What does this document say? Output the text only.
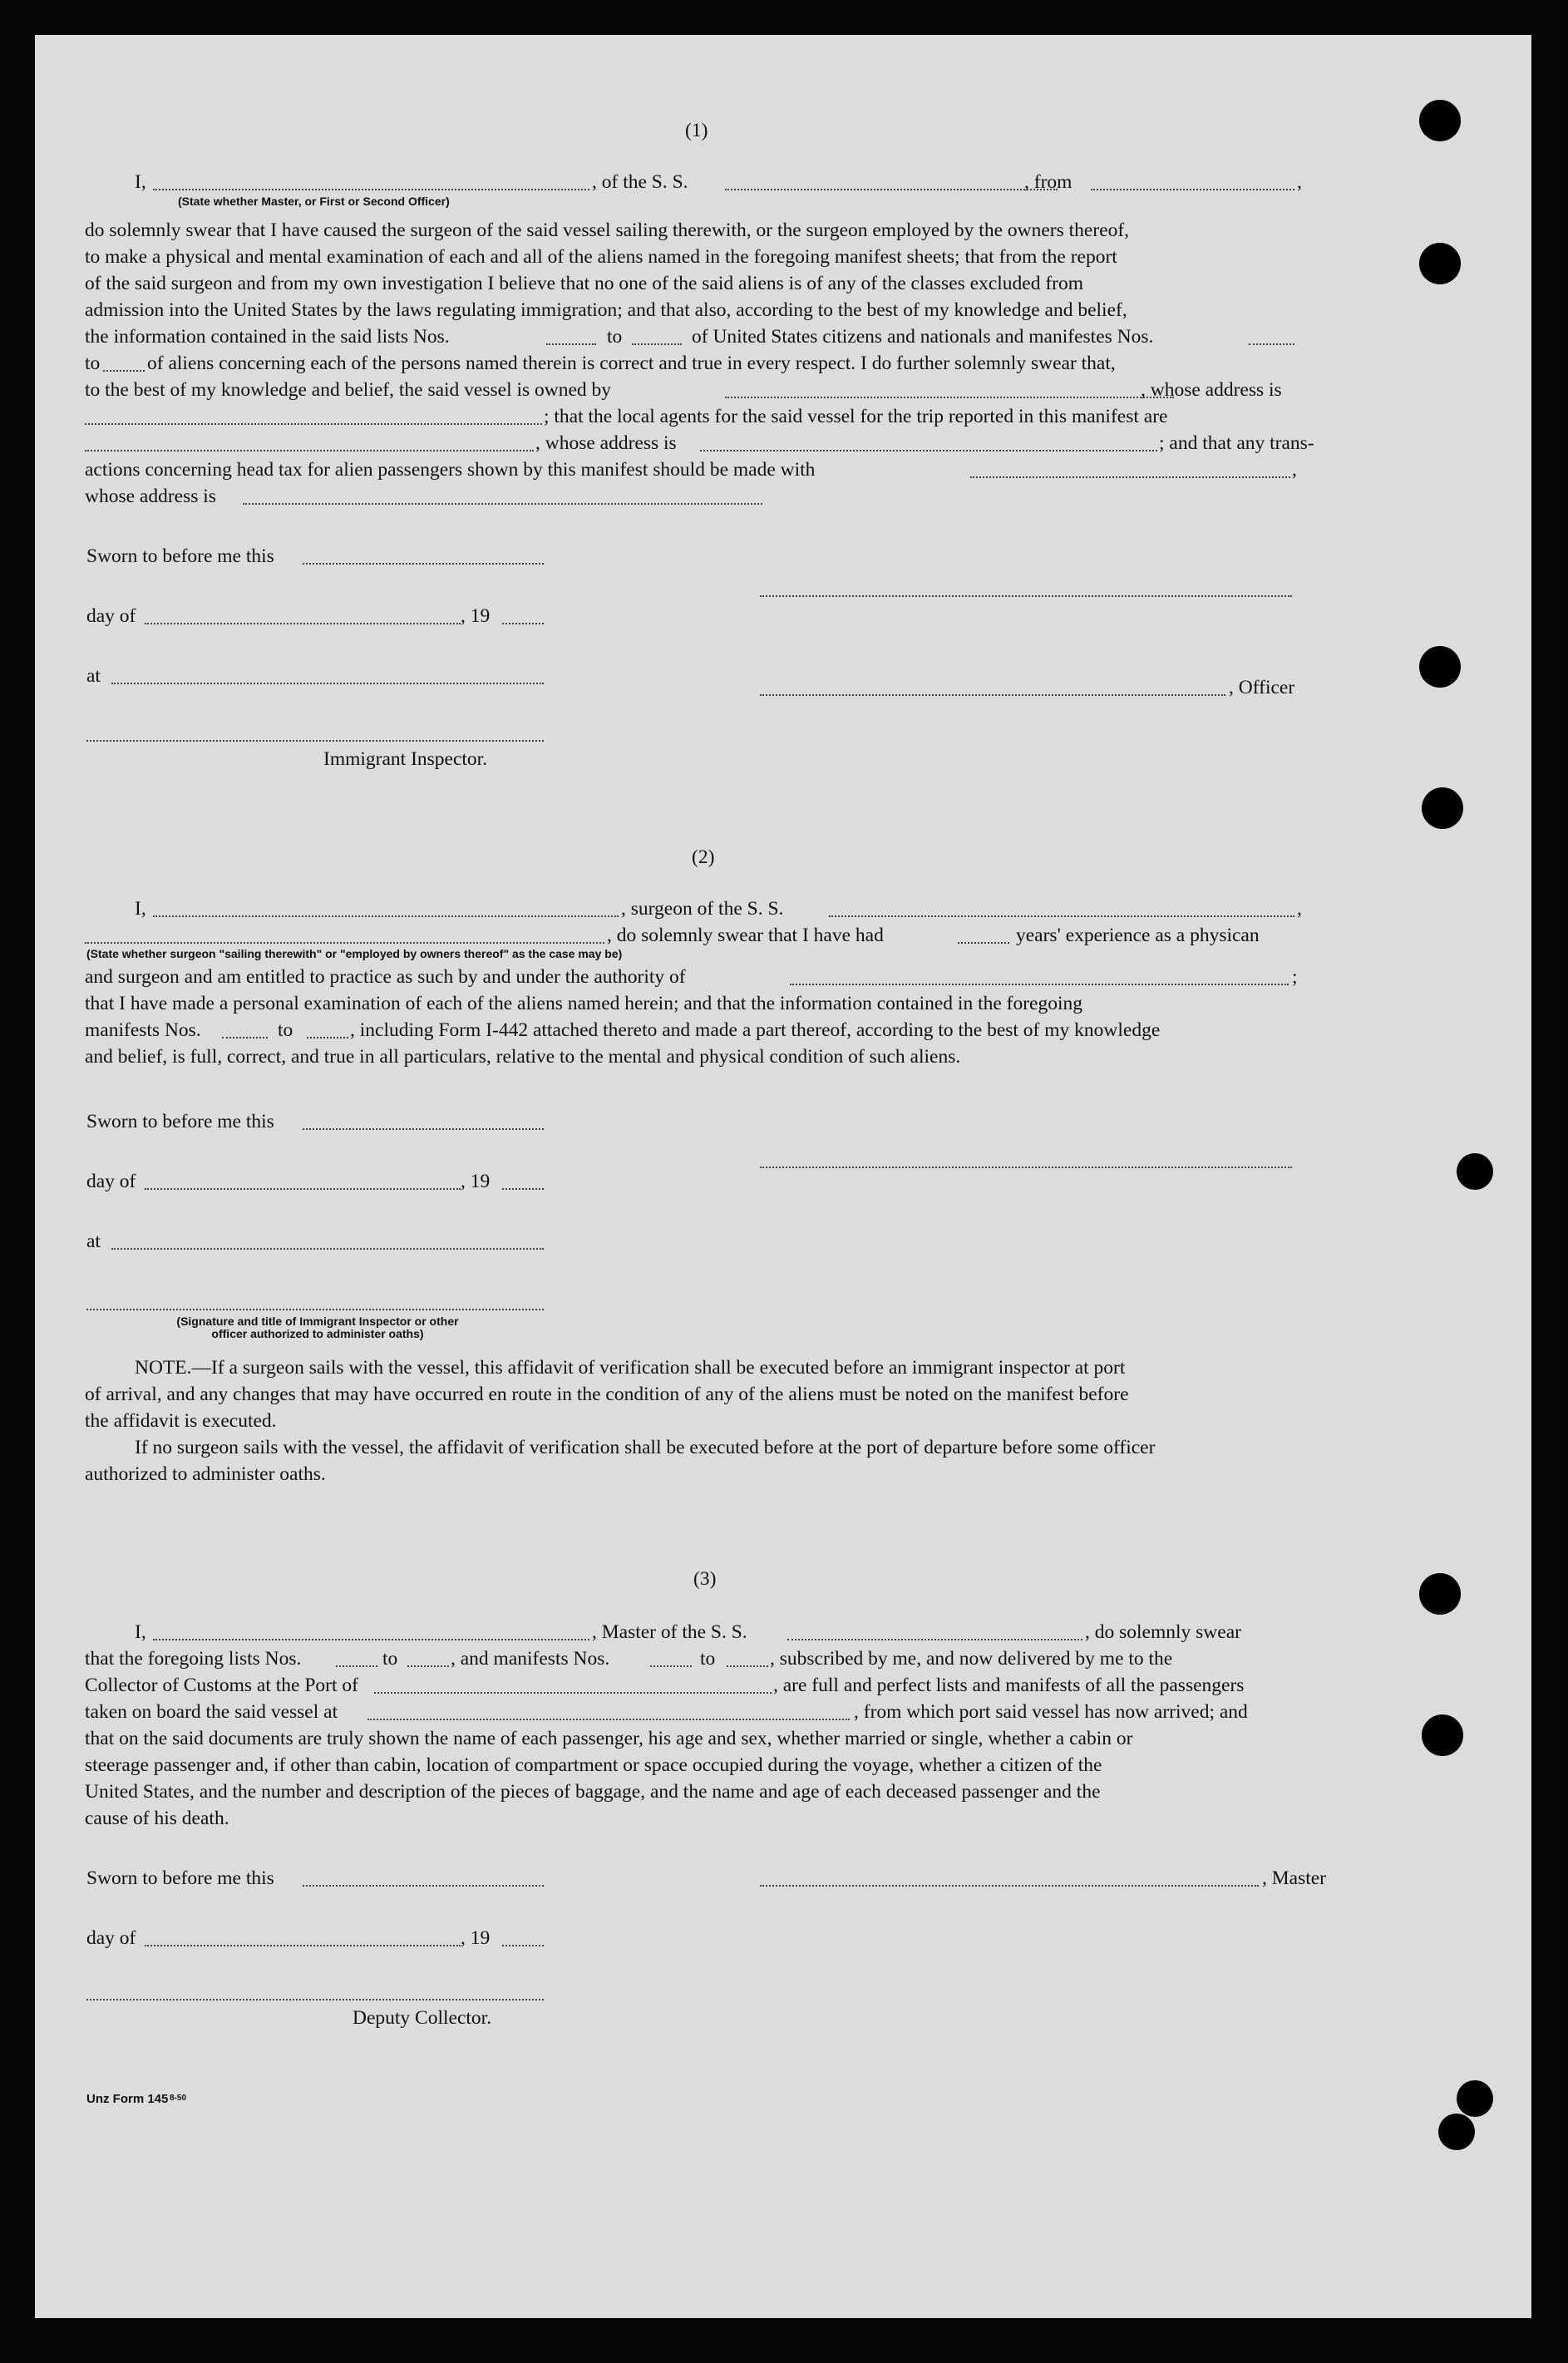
(1)
I,	, of the S. S.	, from	,
(State whether Master, or First or Second Officer)
do solemnly swear that I have caused the surgeon of the said vessel sailing therewith, or the surgeon employed by the owners thereof,
to make a physical and mental examination of each and all of the aliens named in the foregoing manifest sheets; that from the report
of the said surgeon and from my own investigation I believe that no one of the said aliens is of any of the classes excluded from
admission into the United States by the laws regulating immigration; and that also, according to the best of my knowledge and belief,
the information contained in the said lists Nos.	to	of United States citizens and nationals and manifestes Nos.
to of aliens concerning each of the persons named therein is correct and true in every respect. I do further solemnly swear that,
to the best of my knowledge and belief, the said vessel is owned by	, whose address is
; that the local agents for the said vessel for the trip reported in this manifest are
, whose address is	; and that any trans-
actions concerning head tax for alien passengers shown by this manifest should be made with	,
whose address is
Sworn to before me this
day of	, 19
at
, Officer
Immigrant Inspector.
(2)
I,	, surgeon of the S. S.	,
, do solemnly swear that I have had	years' experience as a physican
(State whether surgeon "sailing therewith" or "employed by owners thereof" as the case may be)
and surgeon and am entitled to practice as such by and under the authority of	;
that I have made a personal examination of each of the aliens named herein; and that the information contained in the foregoing
manifests Nos.	to	, including Form I-442 attached thereto and made a part thereof, according to the best of my knowledge
and belief, is full, correct, and true in all particulars, relative to the mental and physical condition of such aliens.
Sworn to before me this
day of	, 19
at
(Signature and title of Immigrant Inspector or other
officer authorized to administer oaths)
NOTE.—If a surgeon sails with the vessel, this affidavit of verification shall be executed before an immigrant inspector at port
of arrival, and any changes that may have occurred en route in the condition of any of the aliens must be noted on the manifest before
the affidavit is executed.
If no surgeon sails with the vessel, the affidavit of verification shall be executed before at the port of departure before some officer
authorized to administer oaths.
(3)
I,	, Master of the S. S.	, do solemnly swear
that the foregoing lists Nos.	to	, and manifests Nos.	to	, subscribed by me, and now delivered by me to the
Collector of Customs at the Port of	, are full and perfect lists and manifests of all the passengers
taken on board the said vessel at	, from which port said vessel has now arrived; and
that on the said documents are truly shown the name of each passenger, his age and sex, whether married or single, whether a cabin or
steerage passenger and, if other than cabin, location of compartment or space occupied during the voyage, whether a citizen of the
United States, and the number and description of the pieces of baggage, and the name and age of each deceased passenger and the
cause of his death.
Sworn to before me this	, Master
day of	, 19
Deputy Collector.
Unz Form 145 8-50
